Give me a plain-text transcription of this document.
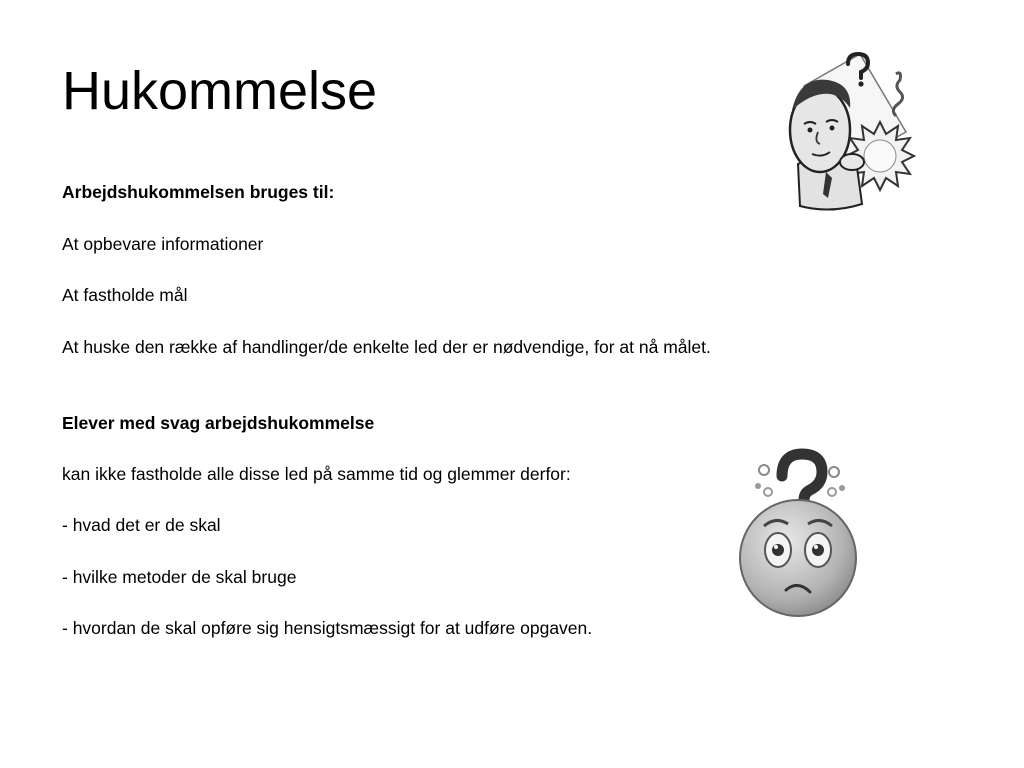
Hukommelse

Arbejdshukommelsen bruges til:

At opbevare informationer

At fastholde mål

At huske den række af handlinger/de enkelte led der er nødvendige, for at nå målet.

Elever med svag arbejdshukommelse

kan ikke fastholde alle disse led på samme tid og glemmer derfor:

- hvad det er de skal

- hvilke metoder de skal bruge

- hvordan de skal opføre sig hensigtsmæssigt for at udføre opgaven.
